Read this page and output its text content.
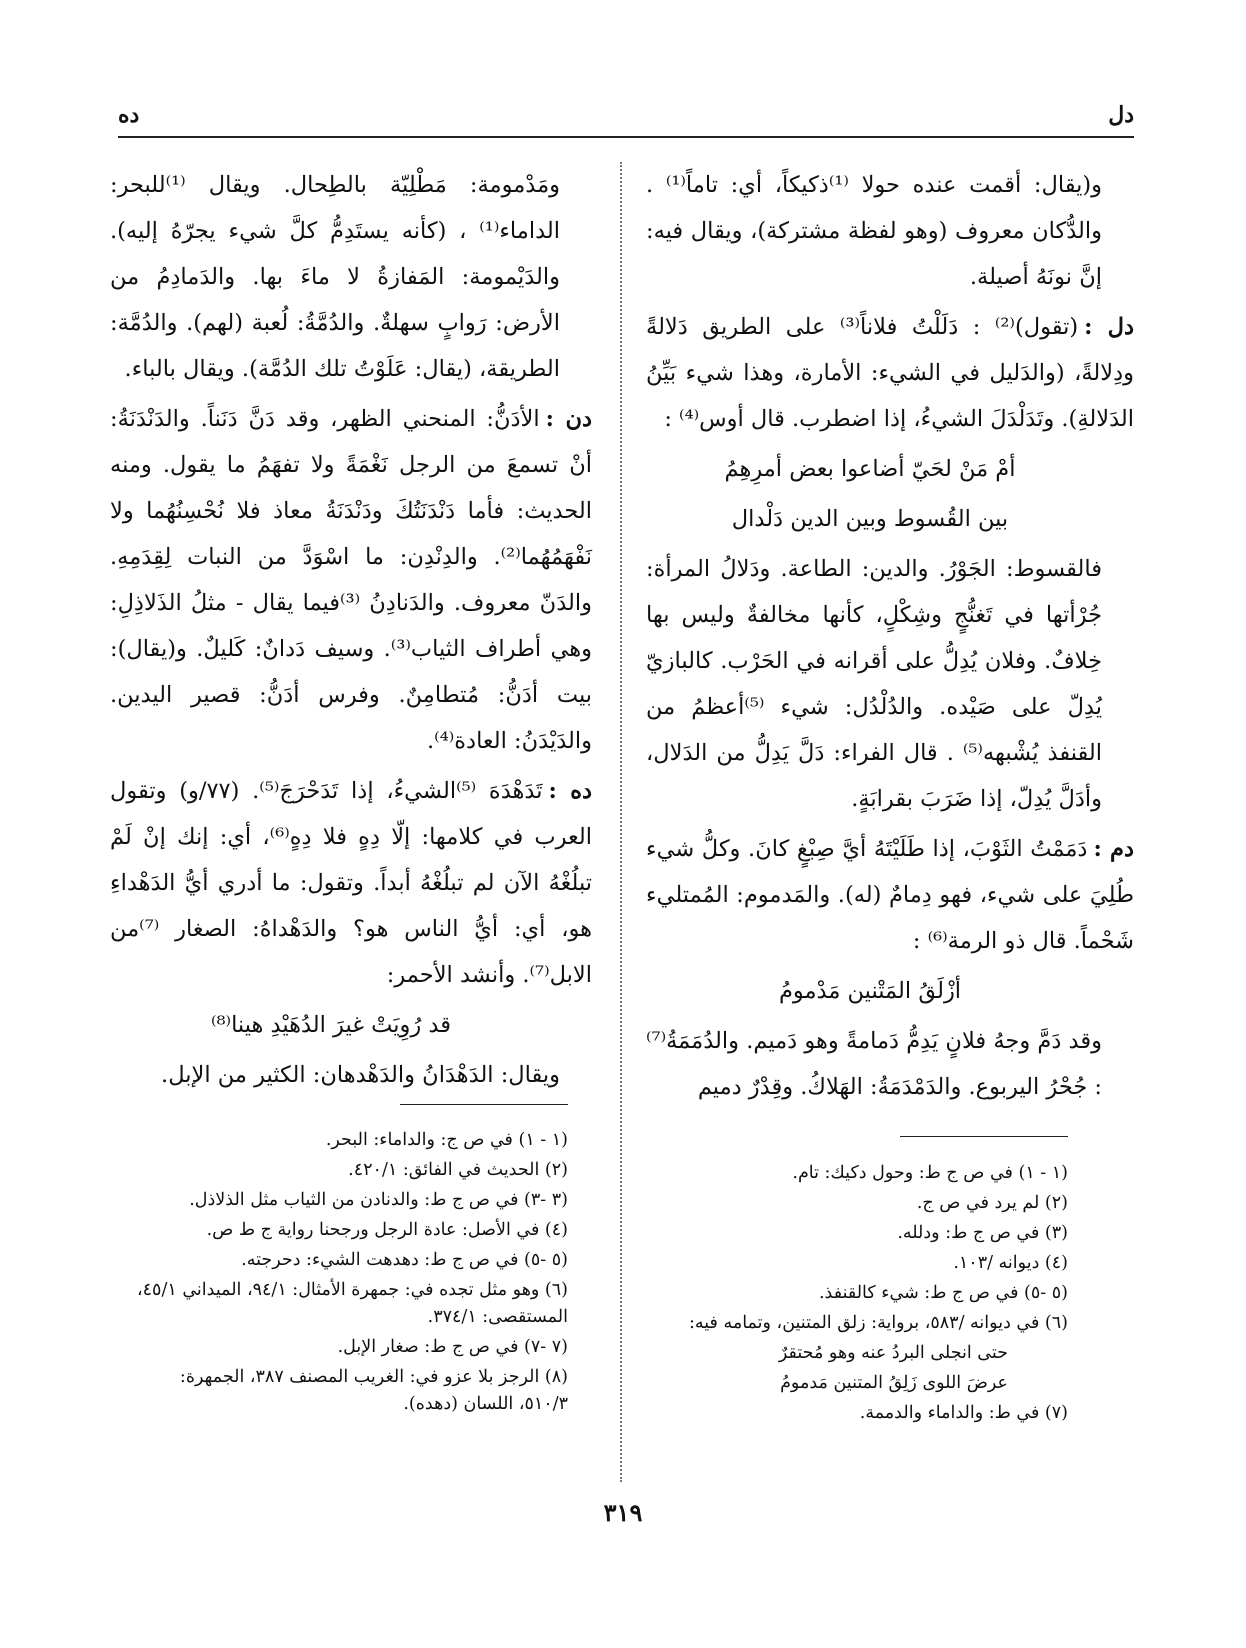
دل
ده

و(يقال: أقمت عنده حولا ⁽¹⁾ذكيكاً، أي: تاماً⁽¹⁾ . والدُّكان معروف (وهو لفظة مشتركة)، ويقال فيه: إنَّ نونَهُ أصيلة.

دل :(تقول)⁽²⁾ : دَلَلْتُ فلاناً⁽³⁾ على الطريق دَلالةً ودِلالةً، (والدَليل في الشيء: الأمارة، وهذا شيء بَيِّنُ الدَلالةِ). وتَدَلْدَلَ الشيءُ، إذا اضطرب. قال أوس⁽⁴⁾ :

أمْ مَنْ لحَيّ أضاعوا بعض أمرِهِمُ

بين القُسوط وبين الدين دَلْدال

فالقسوط: الجَوْرُ. والدين: الطاعة. ودَلالُ المرأة: جُرْأتها في تَغنُّجٍ وشِكْلٍ، كأنها مخالفةٌ وليس بها خِلافٌ. وفلان يُدِلُّ على أقرانه في الحَرْب. كالبازيّ يُدِلّ على صَيْده. والدُلْدُل: شيء ⁽⁵⁾أعظمُ من القنفذ يُشْبهه⁽⁵⁾ . قال الفراء: دَلَّ يَدِلُّ من الدَلال، وأدَلَّ يُدِلّ، إذا ضَرَبَ بقرابَةٍ.

دم :دَمَمْتُ الثَوْبَ، إذا طَلَيْتَهُ أيَّ صِبْغٍ كانَ. وكلُّ شيء طُلِيَ على شيء، فهو دِمامٌ (له). والمَدموم: المُمتليء شَحْماً. قال ذو الرمة⁽⁶⁾ :

أزْلَقُ المَتْنين مَدْمومُ

وقد دَمَّ وجهُ فلانٍ يَدِمُّ دَمامةً وهو دَميم. والدُمَمَةُ⁽⁷⁾ : جُحْرُ اليربوع. والدَمْدَمَةُ: الهَلاكُ. وقِدْرٌ دميم

ومَدْمومة: مَطْلِيّة بالطِحال. ويقال ⁽¹⁾للبحر: الداماء⁽¹⁾ ، (كأنه يستَدِمُّ كلَّ شيء يجرّهُ إليه). والدَيْمومة: المَفازةُ لا ماءَ بها. والدَمادِمُ من الأرض: رَوابٍ سهلةٌ. والدُمَّةُ: لُعبة (لهم). والدُمَّة: الطريقة، (يقال: عَلَوْتُ تلك الدُمَّة). ويقال بالباء.

دن :الأدَنُّ: المنحني الظهر، وقد دَنَّ دَنَناً. والدَنْدَنَةُ: أنْ تسمعَ من الرجل نَغْمَةً ولا تفهَمُ ما يقول. ومنه الحديث: فأما دَنْدَنَتُكَ ودَنْدَنَةُ معاذ فلا نُحْسِنُهُما ولا نَفْهَمُهُما⁽²⁾. والدِنْدِن: ما اسْوَدَّ من النبات لِقِدَمِهِ. والدَنّ معروف. والدَنادِنُ ⁽³⁾فيما يقال - مثلُ الذَلاذِلِ: وهي أطراف الثياب⁽³⁾. وسيف دَدانٌ: كَليلٌ. و(يقال): بيت أدَنُّ: مُتطامِنٌ. وفرس أدَنُّ: قصير اليدين. والدَيْدَنُ: العادة⁽⁴⁾.

ده :تَدَهْدَهَ ⁽⁵⁾الشيءُ، إذا تَدَحْرَجَ⁽⁵⁾. (٧٧/و) وتقول العرب في كلامها: إلّا دِهٍ فلا دِهٍ⁽⁶⁾، أي: إنك إنْ لَمْ تبلُغْهُ الآن لم تبلُغْهُ أبداً. وتقول: ما أدري أيُّ الدَهْداءِ هو، أي: أيُّ الناس هو؟ والدَهْداهُ: الصغار ⁽⁷⁾من الابل⁽⁷⁾. وأنشد الأحمر:

قد رُوِيَتْ غيرَ الدُهَيْدِ هينا⁽⁸⁾

ويقال: الدَهْدَانُ والدَهْدهان: الكثير من الإبل.

(١ - ١) في ص ج ط: وحول دكيك: تام.
(٢) لم يرد في ص ج.
(٣) في ص ج ط: ودلله.
(٤) ديوانه /١٠٣.
(٥ -٥) في ص ج ط: شيء كالقنفذ.
(٦) في ديوانه /٥٨٣، برواية: زلق المتنين، وتمامه فيه:
حتى انجلى البردُ عنه وهو مُحتقرٌ
عرضَ اللوى زَلِقُ المتنين مَدمومُ
(٧) في ط: والداماء والدممة.
(١ - ١) في ص ج: والداماء: البحر.
(٢) الحديث في الفائق: ٤٢٠/١.
(٣ -٣) في ص ج ط: والدنادن من الثياب مثل الذلاذل.
(٤) في الأصل: عادة الرجل ورجحنا رواية ج ط ص.
(٥ -٥) في ص ج ط: دهدهت الشيء: دحرجته.
(٦) وهو مثل تجده في: جمهرة الأمثال: ٩٤/١، الميداني ٤٥/١، المستقصى: ٣٧٤/١.
(٧ -٧) في ص ج ط: صغار الإبل.
(٨) الرجز بلا عزو في: الغريب المصنف ٣٨٧، الجمهرة: ٥١٠/٣، اللسان (دهده).
٣١٩
